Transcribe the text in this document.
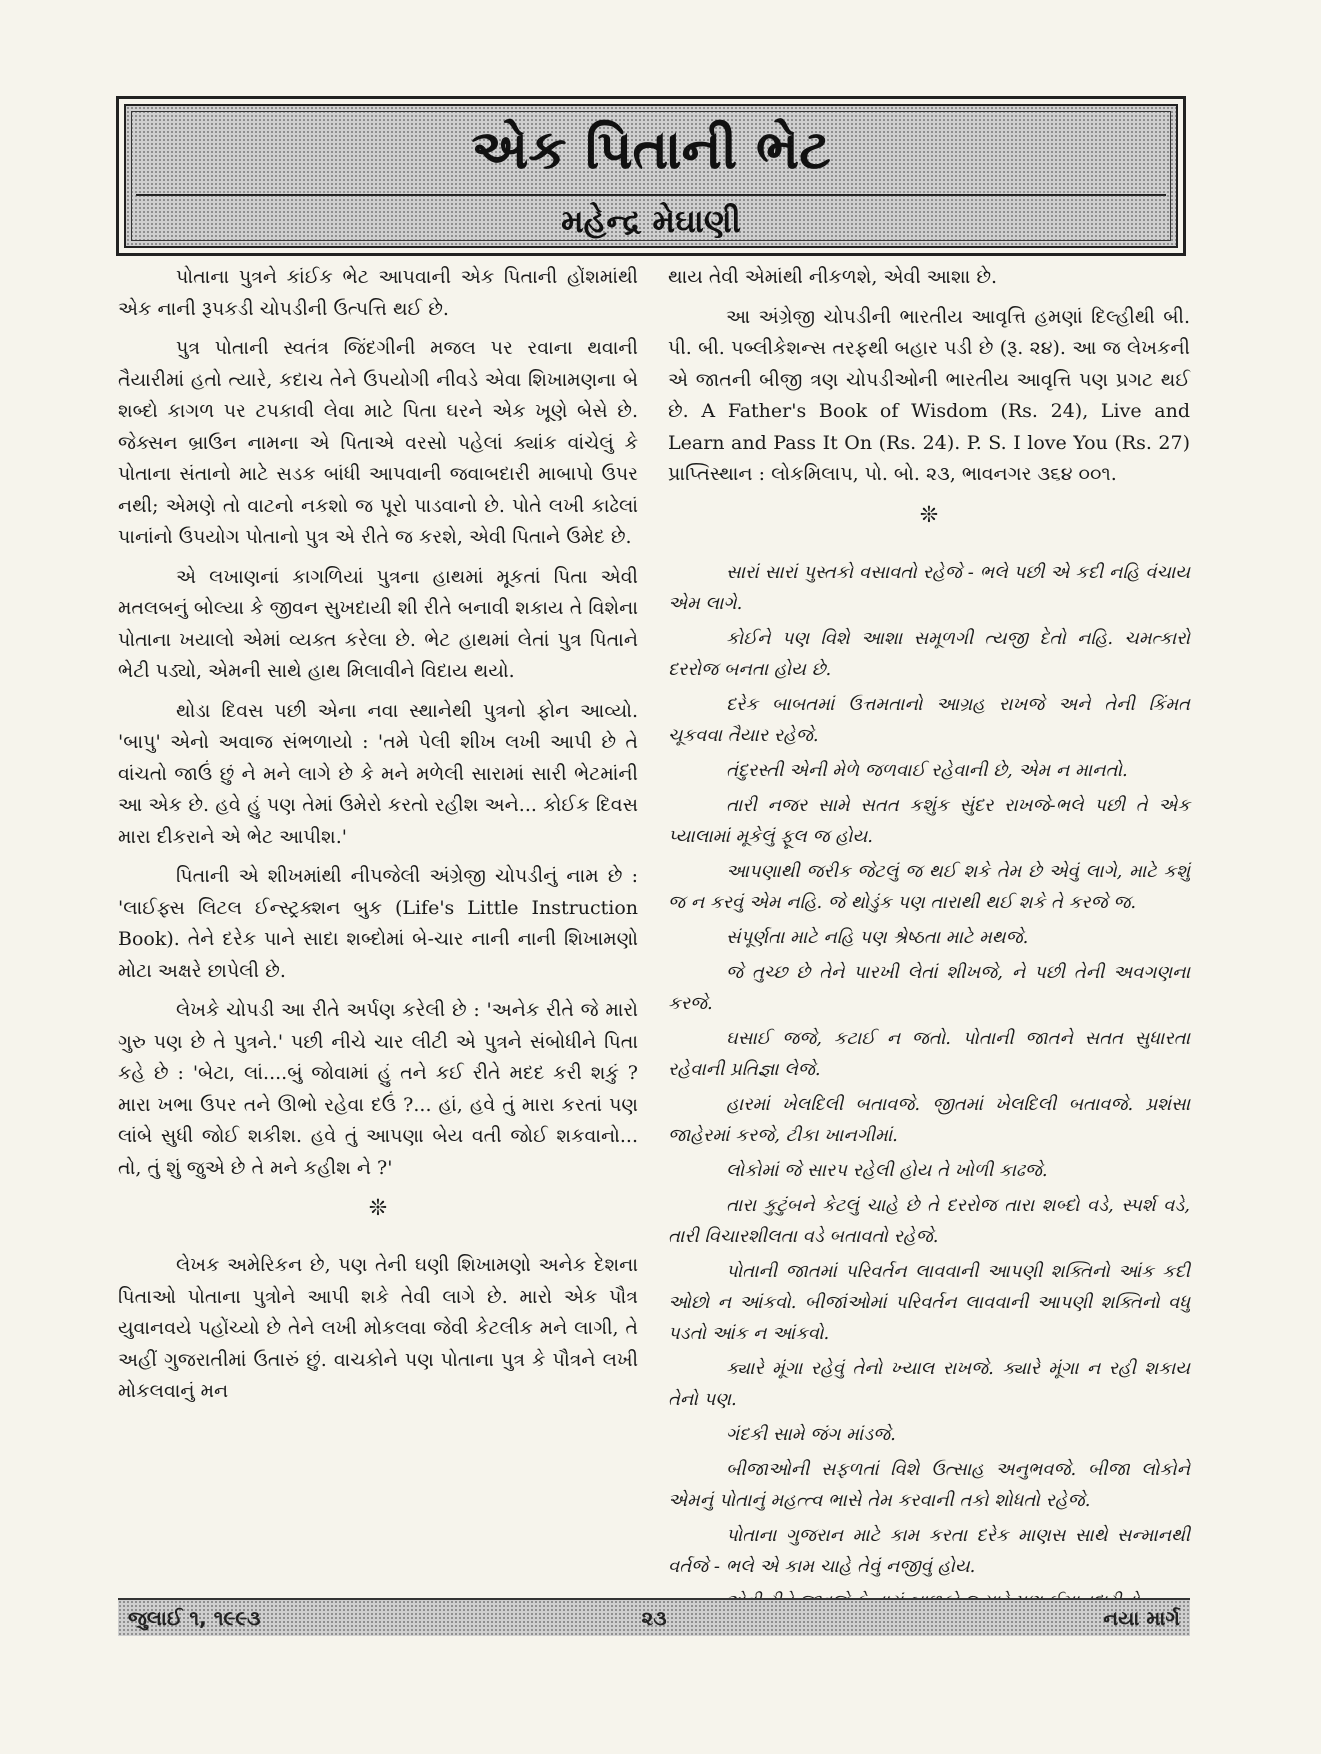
એક પિતાની ભેટ
મહેન્દ્ર મેઘાણી

પોતાના પુત્રને કાંઈક ભેટ આપવાની એક પિતાની હોંશમાંથી એક નાની રૂપકડી ચોપડીની ઉત્પત્તિ થઈ છે.

પુત્ર પોતાની સ્વતંત્ર જિંદગીની મજલ પર રવાના થવાની તૈયારીમાં હતો ત્યારે, કદાચ તેને ઉપયોગી નીવડે એવા શિખામણના બે શબ્દો કાગળ પર ટપકાવી લેવા માટે પિતા ઘરને એક ખૂણે બેસે છે. જેક્સન બ્રાઉન નામના એ પિતાએ વરસો પહેલાં ક્યાંક વાંચેલું કે પોતાના સંતાનો માટે સડક બાંધી આપવાની જવાબદારી માબાપો ઉપર નથી; એમણે તો વાટનો નકશો જ પૂરો પાડવાનો છે. પોતે લખી કાઢેલાં પાનાંનો ઉપયોગ પોતાનો પુત્ર એ રીતે જ કરશે, એવી પિતાને ઉમેદ છે.

એ લખાણનાં કાગળિયાં પુત્રના હાથમાં મૂકતાં પિતા એવી મતલબનું બોલ્યા કે જીવન સુખદાયી શી રીતે બનાવી શકાય તે વિશેના પોતાના ખયાલો એમાં વ્યક્ત કરેલા છે. ભેટ હાથમાં લેતાં પુત્ર પિતાને ભેટી પડ્યો, એમની સાથે હાથ મિલાવીને વિદાય થયો.

થોડા દિવસ પછી એના નવા સ્થાનેથી પુત્રનો ફોન આવ્યો. 'બાપુ' એનો અવાજ સંભળાયો : 'તમે પેલી શીખ લખી આપી છે તે વાંચતો જાઉં છું ને મને લાગે છે કે મને મળેલી સારામાં સારી ભેટમાંની આ એક છે. હવે હું પણ તેમાં ઉમેરો કરતો રહીશ અને... કોઈક દિવસ મારા દીકરાને એ ભેટ આપીશ.'

પિતાની એ શીખમાંથી નીપજેલી અંગ્રેજી ચોપડીનું નામ છે : 'લાઈફ્સ લિટલ ઈન્સ્ટ્રક્શન બુક (Life's Little Instruction Book). તેને દરેક પાને સાદા શબ્દોમાં બે-ચાર નાની નાની શિખામણો મોટા અક્ષરે છાપેલી છે.

લેખકે ચોપડી આ રીતે અર્પણ કરેલી છે : 'અનેક રીતે જે મારો ગુરુ પણ છે તે પુત્રને.' પછી નીચે ચાર લીટી એ પુત્રને સંબોધીને પિતા કહે છે : 'બેટા, લાં....બું જોવામાં હું તને કઈ રીતે મદદ કરી શકું ? મારા ખભા ઉપર તને ઊભો રહેવા દઉં ?... હાં, હવે તું મારા કરતાં પણ લાંબે સુધી જોઈ શકીશ. હવે તું આપણા બેય વતી જોઈ શકવાનો... તો, તું શું જુએ છે તે મને કહીશ ને ?'

❊

લેખક અમેરિકન છે, પણ તેની ઘણી શિખામણો અનેક દેશના પિતાઓ પોતાના પુત્રોને આપી શકે તેવી લાગે છે. મારો એક પૌત્ર યુવાનવયે પહોંચ્યો છે તેને લખી મોકલવા જેવી કેટલીક મને લાગી, તે અહીં ગુજરાતીમાં ઉતારું છું. વાચકોને પણ પોતાના પુત્ર કે પૌત્રને લખી મોકલવાનું મન

થાય તેવી એમાંથી નીકળશે, એવી આશા છે.

આ અંગ્રેજી ચોપડીની ભારતીય આવૃત્તિ હમણાં દિલ્હીથી બી. પી. બી. પબ્લીકેશન્સ તરફથી બહાર પડી છે (રૂ. ૨૪). આ જ લેખકની એ જાતની બીજી ત્રણ ચોપડીઓની ભારતીય આવૃત્તિ પણ પ્રગટ થઈ છે. A Father's Book of Wisdom (Rs. 24), Live and Learn and Pass It On (Rs. 24). P. S. I love You (Rs. 27) પ્રાપ્તિસ્થાન : લોકમિલાપ, પો. બો. ૨૩, ભાવનગર ૩૬૪ ૦૦૧.

❊

સારાં સારાં પુસ્તકો વસાવતો રહેજે - ભલે પછી એ કદી નહિ વંચાય એમ લાગે.

કોઈને પણ વિશે આશા સમૂળગી ત્યજી દેતો નહિ. ચમત્કારો દરરોજ બનતા હોય છે.

દરેક બાબતમાં ઉત્તમતાનો આગ્રહ રાખજે અને તેની કિંમત ચૂકવવા તૈયાર રહેજે.

તંદુરસ્તી એની મેળે જળવાઈ રહેવાની છે, એમ ન માનતો.

તારી નજર સામે સતત કશુંક સુંદર રાખજે-ભલે પછી તે એક પ્યાલામાં મૂકેલું ફૂલ જ હોય.

આપણાથી જરીક જેટલું જ થઈ શકે તેમ છે એવું લાગે, માટે કશું જ ન કરવું એમ નહિ. જે થોડુંક પણ તારાથી થઈ શકે તે કરજે જ.

સંપૂર્ણતા માટે નહિ પણ શ્રેષ્ઠતા માટે મથજે.

જે તુચ્છ છે તેને પારખી લેતાં શીખજે, ને પછી તેની અવગણના કરજે.

ઘસાઈ જજે, કટાઈ ન જતો. પોતાની જાતને સતત સુધારતા રહેવાની પ્રતિજ્ઞા લેજે.

હારમાં ખેલદિલી બતાવજે. જીતમાં ખેલદિલી બતાવજે. પ્રશંસા જાહેરમાં કરજે, ટીકા ખાનગીમાં.

લોકોમાં જે સારપ રહેલી હોય તે ખોળી કાઢજે.

તારા કુટુંબને કેટલું ચાહે છે તે દરરોજ તારા શબ્દો વડે, સ્પર્શ વડે, તારી વિચારશીલતા વડે બતાવતો રહેજે.

પોતાની જાતમાં પરિવર્તન લાવવાની આપણી શક્તિનો આંક કદી ઓછો ન આંકવો. બીજાંઓમાં પરિવર્તન લાવવાની આપણી શક્તિનો વધુ પડતો આંક ન આંકવો.

ક્યારે મૂંગા રહેવું તેનો ખ્યાલ રાખજે. ક્યારે મૂંગા ન રહી શકાય તેનો પણ.

ગંદકી સામે જંગ માંડજે.

બીજાઓની સફળતાં વિશે ઉત્સાહ અનુભવજે. બીજા લોકોને એમનું પોતાનું મહત્ત્વ ભાસે તેમ કરવાની તકો શોધતો રહેજે.

પોતાના ગુજરાન માટે કામ કરતા દરેક માણસ સાથે સન્માનથી વર્તજે - ભલે એ કામ ચાહે તેવું નજીવું હોય.

જુલાઈ ૧, ૧૯૯૩	૨૩	નયા માર્ગ
